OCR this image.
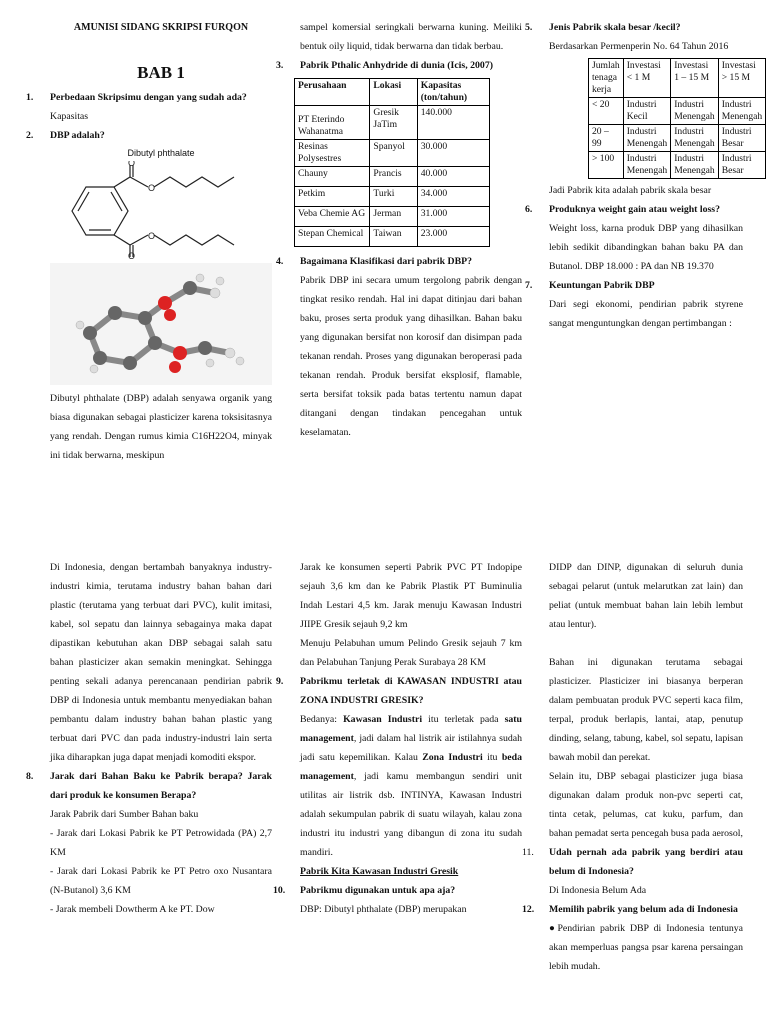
AMUNISI SIDANG SKRIPSI FURQON

BAB 1

1. Perbedaan Skripsimu dengan yang sudah ada?

Kapasitas

2. DBP adalah?

Dibutyl phthalate

O
O
O
O

Dibutyl phthalate (DBP) adalah senyawa organik yang biasa digunakan sebagai plasticizer karena toksisitasnya yang rendah. Dengan rumus kimia C16H22O4, minyak ini tidak berwarna, meskipun

sampel komersial seringkali berwarna kuning. Meiliki bentuk oily liquid, tidak berwarna dan tidak berbau.

3. Pabrik Pthalic Anhydride di dunia (Icis, 2007)
Perusahaan	Lokasi	Kapasitas (ton/tahun)
PT Eterindo Wahanatma	Gresik JaTim	140.000
Resinas Polysestres	Spanyol	30.000
Chauny	Prancis	40.000
Petkim	Turki	34.000
Veba Chemie AG	Jerman	31.000
Stepan Chemical	Taiwan	23.000
4. Bagaimana Klasifikasi dari pabrik DBP?

Pabrik DBP ini secara umum tergolong pabrik dengan tingkat resiko rendah. Hal ini dapat ditinjau dari bahan baku, proses serta produk yang dihasilkan. Bahan baku yang digunakan bersifat non korosif dan disimpan pada tekanan rendah. Proses yang digunakan beroperasi pada tekanan rendah. Produk bersifat eksplosif, flamable, serta bersifat toksik pada batas tertentu namun dapat ditangani dengan tindakan pencegahan untuk keselamatan.

5. Jenis Pabrik skala besar /kecil?

Berdasarkan Permenperin No. 64 Tahun 2016

Jumlah tenaga kerja	Investasi < 1 M	Investasi 1 – 15 M	Investasi > 15 M
< 20	Industri Kecil	Industri Menengah	Industri Menengah
20 – 99	Industri Menengah	Industri Menengah	Industri Besar
> 100	Industri Menengah	Industri Menengah	Industri Besar

Jadi Pabrik kita adalah pabrik skala besar

6. Produknya weight gain atau weight loss?

Weight loss, karna produk DBP yang dihasilkan lebih sedikit dibandingkan bahan baku PA dan Butanol. DBP 18.000 : PA dan NB 19.370

7. Keuntungan Pabrik DBP

Dari segi ekonomi, pendirian pabrik styrene sangat menguntungkan dengan pertimbangan :

Di Indonesia, dengan bertambah banyaknya industry-industri kimia, terutama industry bahan bahan dari plastic (terutama yang terbuat dari PVC), kulit imitasi, kabel, sol sepatu dan lainnya sebagainya maka dapat dipastikan kebutuhan akan DBP sebagai salah satu bahan plasticizer akan semakin meningkat. Sehingga penting sekali adanya perencanaan pendirian pabrik DBP di Indonesia untuk membantu menyediakan bahan pembantu dalam industry bahan bahan plastic yang terbuat dari PVC dan pada industry-industri lain serta jika diharapkan juga dapat menjadi komoditi ekspor.

8. Jarak dari Bahan Baku ke Pabrik berapa? Jarak dari produk ke konsumen Berapa?

Jarak Pabrik dari Sumber Bahan baku

- Jarak dari Lokasi Pabrik ke PT Petrowidada (PA) 2,7 KM

- Jarak dari Lokasi Pabrik ke PT Petro oxo Nusantara (N-Butanol) 3,6 KM

- Jarak membeli Dowtherm A ke PT. Dow

Jarak ke konsumen seperti Pabrik PVC PT Indopipe sejauh 3,6 km dan ke Pabrik Plastik PT Buminulia Indah Lestari 4,5 km. Jarak menuju Kawasan Industri JIIPE Gresik sejauh 9,2 km

Menuju Pelabuhan umum Pelindo Gresik sejauh 7 km dan Pelabuhan Tanjung Perak Surabaya 28 KM

9. Pabrikmu terletak di KAWASAN INDUSTRI atau ZONA INDUSTRI GRESIK?

Bedanya: Kawasan Industri itu terletak pada satu management, jadi dalam hal listrik air istilahnya sudah jadi satu kepemilikan. Kalau Zona Industri itu beda management, jadi kamu membangun sendiri unit utilitas air listrik dsb. INTINYA, Kawasan Industri adalah sekumpulan pabrik di suatu wilayah, kalau zona industri itu industri yang dibangun di zona itu sudah mandiri.

Pabrik Kita Kawasan Industri Gresik

10. Pabrikmu digunakan untuk apa aja?

DBP: Dibutyl phthalate (DBP) merupakan

DIDP dan DINP, digunakan di seluruh dunia sebagai pelarut (untuk melarutkan zat lain) dan peliat (untuk membuat bahan lain lebih lembut atau lentur).

Bahan ini digunakan terutama sebagai plasticizer. Plasticizer ini biasanya berperan dalam pembuatan produk PVC seperti kaca film, terpal, produk berlapis, lantai, atap, penutup dinding, selang, tabung, kabel, sol sepatu, lapisan bawah mobil dan perekat.

Selain itu, DBP sebagai plasticizer juga biasa digunakan dalam produk non-pvc seperti cat, tinta cetak, pelumas, cat kuku, parfum, dan bahan pemadat serta pencegah busa pada aerosol,

11. Udah pernah ada pabrik yang berdiri atau belum di Indonesia?

Di Indonesia Belum Ada

12. Memilih pabrik yang belum ada di Indonesia

●Pendirian pabrik DBP di Indonesia tentunya akan memperluas pangsa psar karena persaingan lebih mudah.
